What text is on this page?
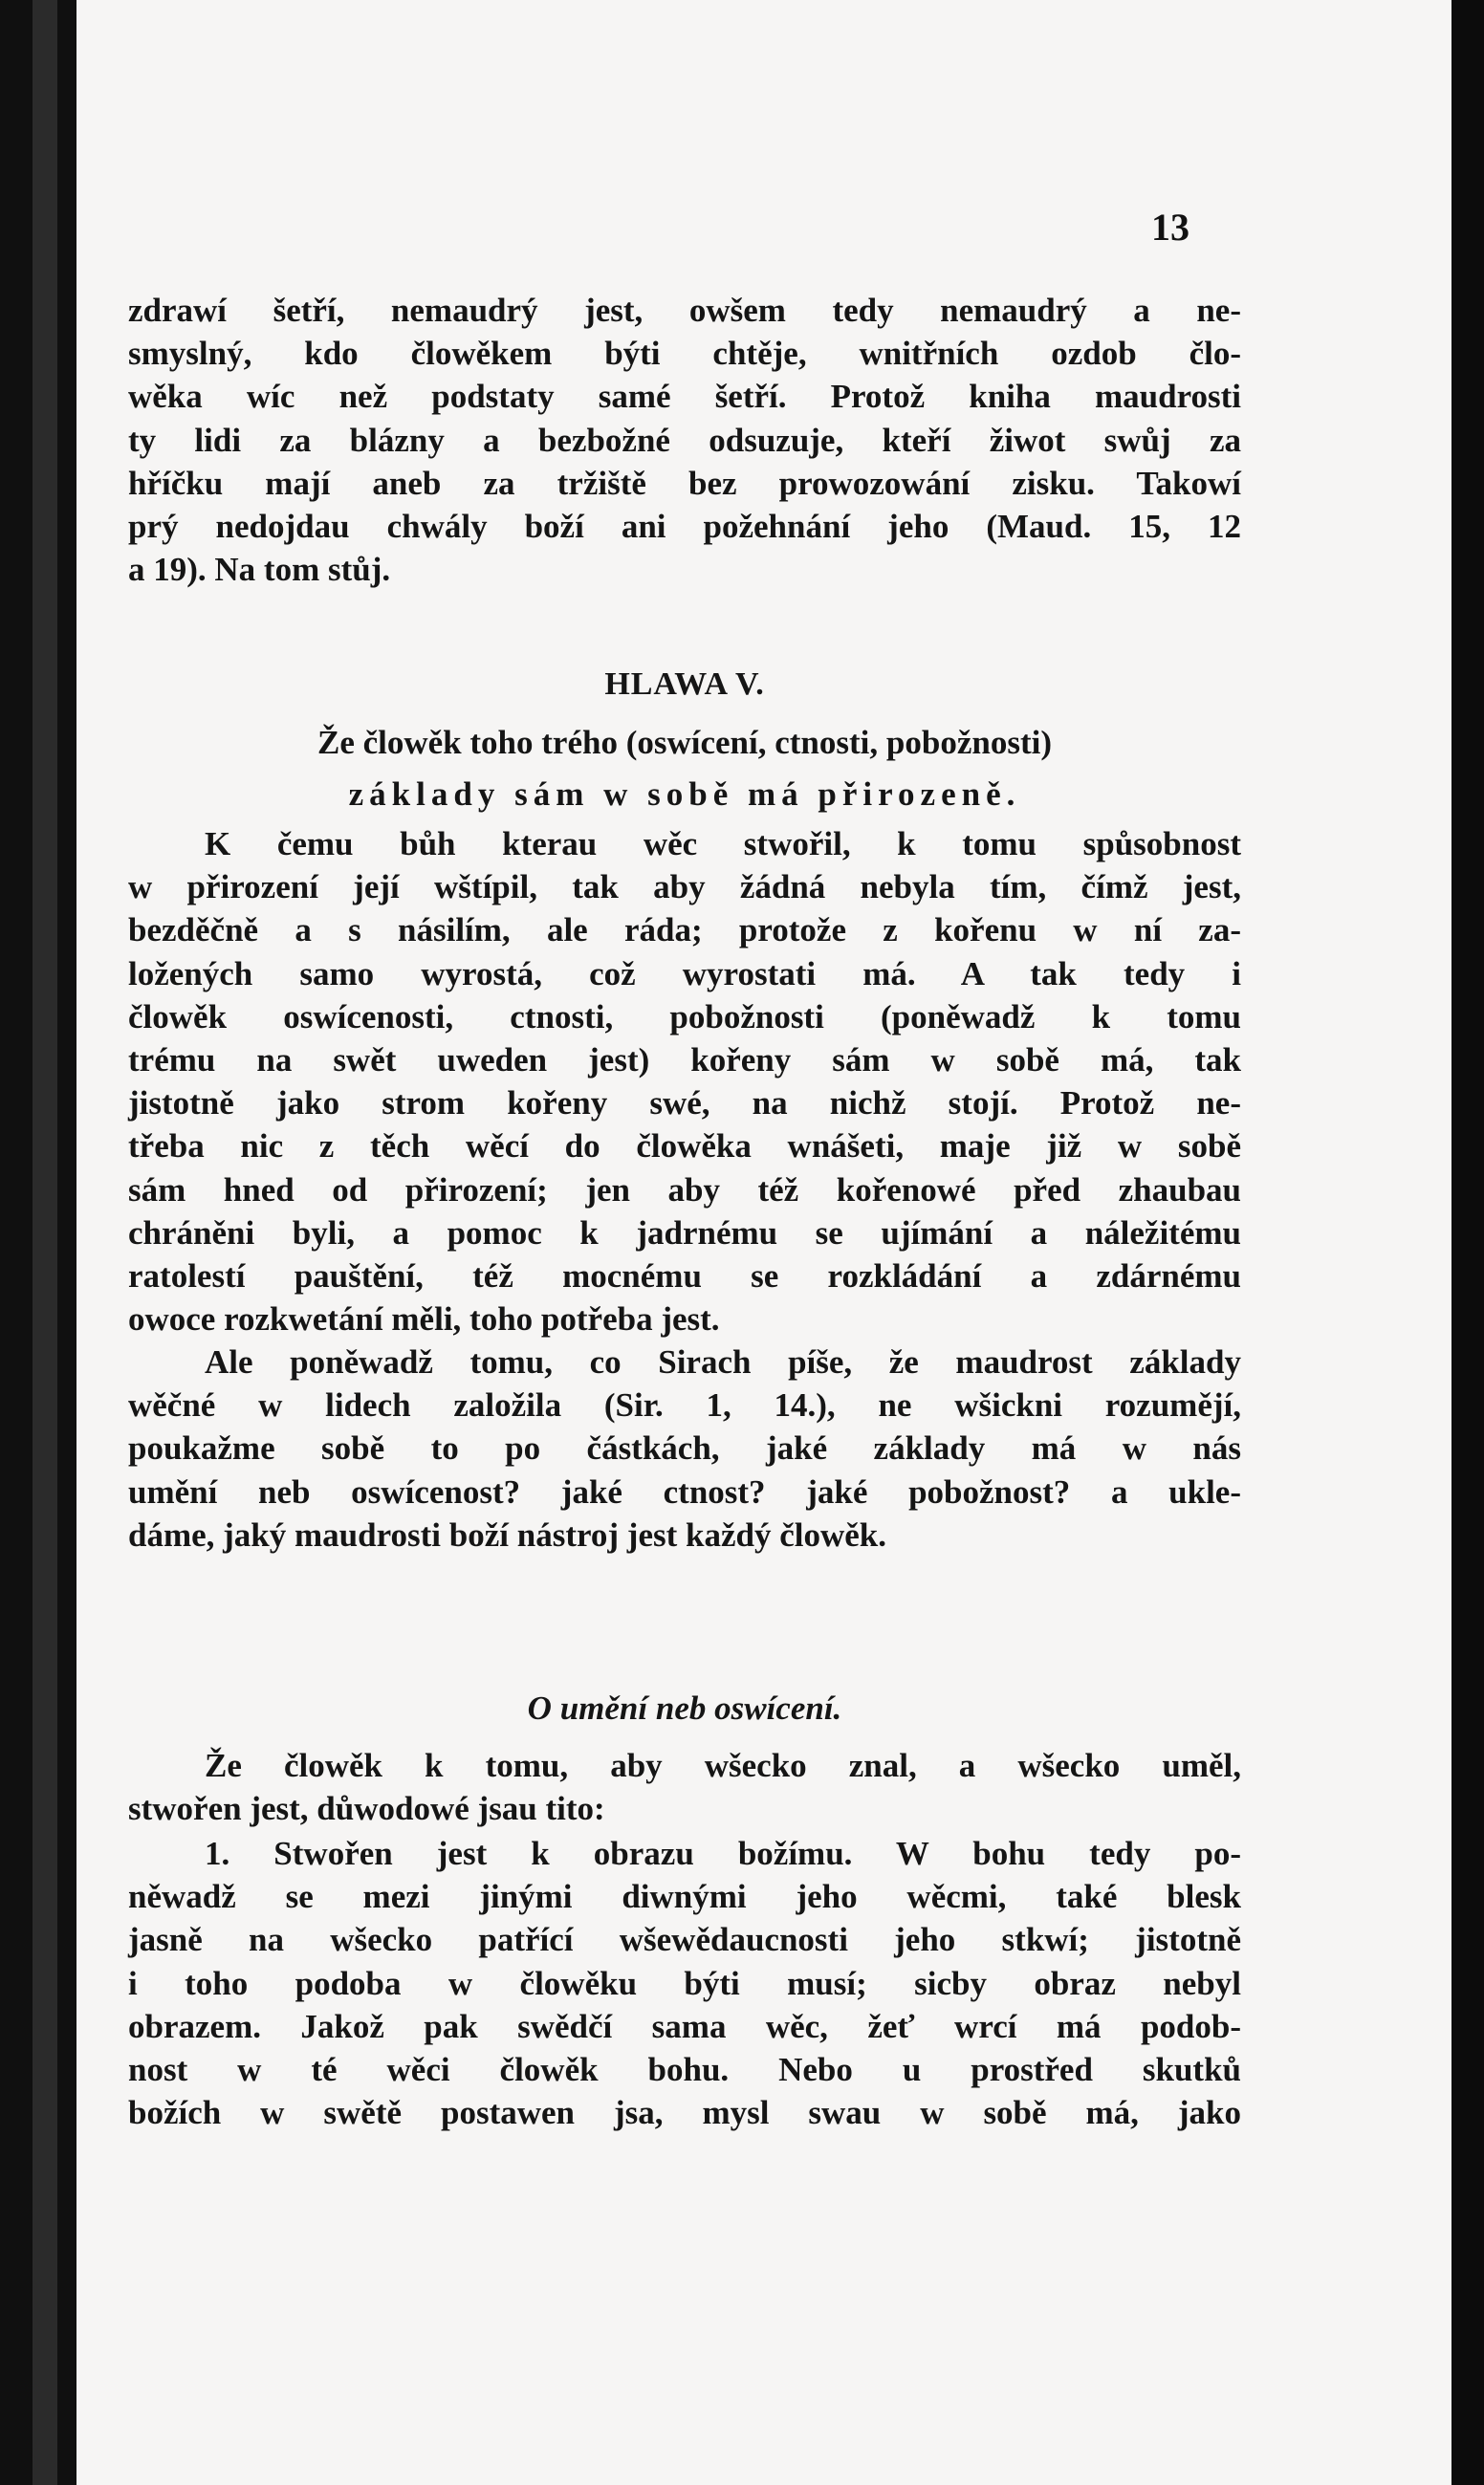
13
zdrawí šetří, nemaudrý jest, owšem tedy nemaudrý a ne-
smyslný, kdo člowěkem býti chtěje, wnitřních ozdob člo-
wěka wíc než podstaty samé šetří. Protož kniha maudrosti
ty lidi za blázny a bezbožné odsuzuje, kteří žiwot swůj za
hříčku mají aneb za tržiště bez prowozowání zisku. Takowí
prý nedojdau chwály boží ani požehnání jeho (Maud. 15, 12
a 19). Na tom stůj.
HLAWA V.
Že člowěk toho trého (oswícení, ctnosti, pobožnosti)
základy sám w sobě má přirozeně.
K čemu bůh kterau wěc stwořil, k tomu spůsobnost
w přirození její wštípil, tak aby žádná nebyla tím, čímž jest,
bezděčně a s násilím, ale ráda; protože z kořenu w ní za-
ložených samo wyrostá, což wyrostati má. A tak tedy i
člowěk oswícenosti, ctnosti, pobožnosti (poněwadž k tomu
trému na swět uweden jest) kořeny sám w sobě má, tak
jistotně jako strom kořeny swé, na nichž stojí. Protož ne-
třeba nic z těch wěcí do člowěka wnášeti, maje již w sobě
sám hned od přirození; jen aby též kořenowé před zhaubau
chráněni byli, a pomoc k jadrnému se ujímání a náležitému
ratolestí pauštění, též mocnému se rozkládání a zdárnému
owoce rozkwetání měli, toho potřeba jest.
Ale poněwadž tomu, co Sirach píše, že maudrost základy
wěčné w lidech založila (Sir. 1, 14.), ne wšickni rozumějí,
poukažme sobě to po částkách, jaké základy má w nás
umění neb oswícenost? jaké ctnost? jaké pobožnost? a ukle-
dáme, jaký maudrosti boží nástroj jest každý člowěk.
O umění neb oswícení.
Že člowěk k tomu, aby wšecko znal, a wšecko uměl,
stwořen jest, důwodowé jsau tito:
1. Stwořen jest k obrazu božímu. W bohu tedy po-
něwadž se mezi jinými diwnými jeho wěcmi, také blesk
jasně na wšecko patřící wšewědaucnosti jeho stkwí; jistotně
i toho podoba w člowěku býti musí; sicby obraz nebyl
obrazem. Jakož pak swědčí sama wěc, žeť wrcí má podob-
nost w té wěci člowěk bohu. Nebo u prostřed skutků
božích w swětě postawen jsa, mysl swau w sobě má, jako
